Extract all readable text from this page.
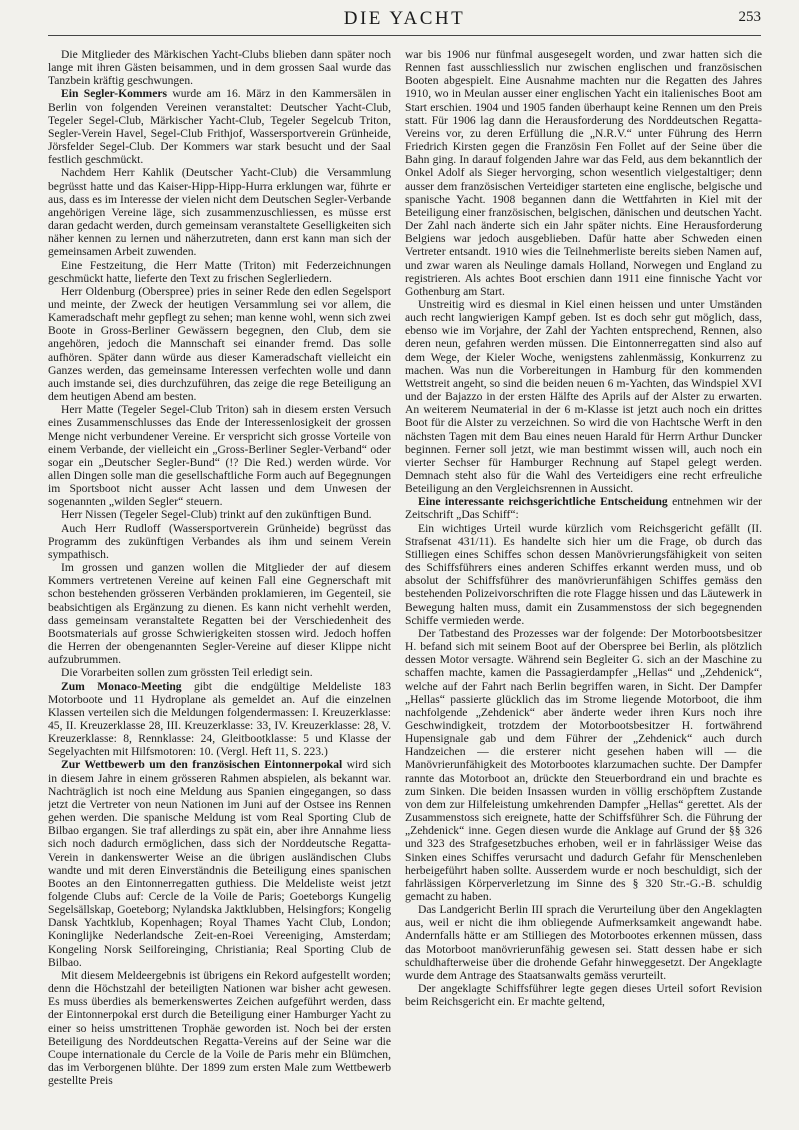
DIE YACHT	253

Die Mitglieder des Märkischen Yacht-Clubs blieben dann später noch lange mit ihren Gästen beisammen, und in dem grossen Saal wurde das Tanzbein kräftig geschwungen.

Ein Segler-Kommers wurde am 16. März in den Kammersälen in Berlin von folgenden Vereinen veranstaltet: Deutscher Yacht-Club, Tegeler Segel-Club, Märkischer Yacht-Club, Tegeler Segelcub Triton, Segler-Verein Havel, Segel-Club Frithjof, Wassersportverein Grünheide, Jörsfelder Segel-Club. Der Kommers war stark besucht und der Saal festlich geschmückt.

Nachdem Herr Kahlik (Deutscher Yacht-Club) die Versammlung begrüsst hatte und das Kaiser-Hipp-Hipp-Hurra erklungen war, führte er aus, dass es im Interesse der vielen nicht dem Deutschen Segler-Verbande angehörigen Vereine läge, sich zusammenzuschliessen, es müsse erst daran gedacht werden, durch gemeinsam veranstaltete Geselligkeiten sich näher kennen zu lernen und näherzutreten, dann erst kann man sich der gemeinsamen Arbeit zuwenden.

Eine Festzeitung, die Herr Matte (Triton) mit Federzeichnungen geschmückt hatte, lieferte den Text zu frischen Seglerliedern.

Herr Oldenburg (Oberspree) pries in seiner Rede den edlen Segelsport und meinte, der Zweck der heutigen Versammlung sei vor allem, die Kameradschaft mehr gepflegt zu sehen; man kenne wohl, wenn sich zwei Boote in Gross-Berliner Gewässern begegnen, den Club, dem sie angehören, jedoch die Mannschaft sei einander fremd. Das solle aufhören. Später dann würde aus dieser Kameradschaft vielleicht ein Ganzes werden, das gemeinsame Interessen verfechten wolle und dann auch imstande sei, dies durchzuführen, das zeige die rege Beteiligung an dem heutigen Abend am besten.

Herr Matte (Tegeler Segel-Club Triton) sah in diesem ersten Versuch eines Zusammenschlusses das Ende der Interessenlosigkeit der grossen Menge nicht verbundener Vereine. Er verspricht sich grosse Vorteile von einem Verbande, der vielleicht ein „Gross-Berliner Segler-Verband“ oder sogar ein „Deutscher Segler-Bund“ (!? Die Red.) werden würde. Vor allen Dingen solle man die gesellschaftliche Form auch auf Begegnungen im Sportsboot nicht ausser Acht lassen und dem Unwesen der sogenannten „wilden Segler“ steuern.

Herr Nissen (Tegeler Segel-Club) trinkt auf den zukünftigen Bund.

Auch Herr Rudloff (Wassersportverein Grünheide) begrüsst das Programm des zukünftigen Verbandes als ihm und seinem Verein sympathisch.

Im grossen und ganzen wollen die Mitglieder der auf diesem Kommers vertretenen Vereine auf keinen Fall eine Gegnerschaft mit schon bestehenden grösseren Verbänden proklamieren, im Gegenteil, sie beabsichtigen als Ergänzung zu dienen. Es kann nicht verhehlt werden, dass gemeinsam veranstaltete Regatten bei der Verschiedenheit des Bootsmaterials auf grosse Schwierigkeiten stossen wird. Jedoch hoffen die Herren der obengenannten Segler-Vereine auf dieser Klippe nicht aufzubrummen.

Die Vorarbeiten sollen zum grössten Teil erledigt sein.

Zum Monaco-Meeting gibt die endgültige Meldeliste 183 Motorboote und 11 Hydroplane als gemeldet an. Auf die einzelnen Klassen verteilen sich die Meldungen folgendermassen: I. Kreuzerklasse: 45, II. Kreuzerklasse 28, III. Kreuzerklasse: 33, IV. Kreuzerklasse: 28, V. Kreuzerklasse: 8, Rennklasse: 24, Gleitbootklasse: 5 und Klasse der Segelyachten mit Hilfsmotoren: 10. (Vergl. Heft 11, S. 223.)

Zur Wettbewerb um den französischen Eintonnerpokal wird sich in diesem Jahre in einem grösseren Rahmen abspielen, als bekannt war. Nachträglich ist noch eine Meldung aus Spanien eingegangen, so dass jetzt die Vertreter von neun Nationen im Juni auf der Ostsee ins Rennen gehen werden. Die spanische Meldung ist vom Real Sporting Club de Bilbao ergangen. Sie traf allerdings zu spät ein, aber ihre Annahme liess sich noch dadurch ermöglichen, dass sich der Norddeutsche Regatta-Verein in dankenswerter Weise an die übrigen ausländischen Clubs wandte und mit deren Einverständnis die Beteiligung eines spanischen Bootes an den Eintonnerregatten guthiess. Die Meldeliste weist jetzt folgende Clubs auf: Cercle de la Voile de Paris; Goeteborgs Kungelig Segelsällskap, Goeteborg; Nylandska Jaktklubben, Helsingfors; Kongelig Dansk Yachtklub, Kopenhagen; Royal Thames Yacht Club, London; Koninglijke Nederlandsche Zeit-en-Roei Vereeniging, Amsterdam; Kongeling Norsk Seilforeinging, Christiania; Real Sporting Club de Bilbao.

Mit diesem Meldeergebnis ist übrigens ein Rekord aufgestellt worden; denn die Höchstzahl der beteiligten Nationen war bisher acht gewesen. Es muss überdies als bemerkenswertes Zeichen aufgeführt werden, dass der Eintonnerpokal erst durch die Beteiligung einer Hamburger Yacht zu einer so heiss umstrittenen Trophäe geworden ist. Noch bei der ersten Beteiligung des Norddeutschen Regatta-Vereins auf der Seine war die Coupe internationale du Cercle de la Voile de Paris mehr ein Blümchen, das im Verborgenen blühte. Der 1899 zum ersten Male zum Wettbewerb gestellte Preis

war bis 1906 nur fünfmal ausgesegelt worden, und zwar hatten sich die Rennen fast ausschliesslich nur zwischen englischen und französischen Booten abgespielt. Eine Ausnahme machten nur die Regatten des Jahres 1910, wo in Meulan ausser einer englischen Yacht ein italienisches Boot am Start erschien. 1904 und 1905 fanden überhaupt keine Rennen um den Preis statt. Für 1906 lag dann die Herausforderung des Norddeutschen Regatta-Vereins vor, zu deren Erfüllung die „N.R.V.“ unter Führung des Herrn Friedrich Kirsten gegen die Französin Fen Follet auf der Seine über die Bahn ging. In darauf folgenden Jahre war das Feld, aus dem bekanntlich der Onkel Adolf als Sieger hervorging, schon wesentlich vielgestaltiger; denn ausser dem französischen Verteidiger starteten eine englische, belgische und spanische Yacht. 1908 begannen dann die Wettfahrten in Kiel mit der Beteiligung einer französischen, belgischen, dänischen und deutschen Yacht. Der Zahl nach änderte sich ein Jahr später nichts. Eine Herausforderung Belgiens war jedoch ausgeblieben. Dafür hatte aber Schweden einen Vertreter entsandt. 1910 wies die Teilnehmerliste bereits sieben Namen auf, und zwar waren als Neulinge damals Holland, Norwegen und England zu registrieren. Als achtes Boot erschien dann 1911 eine finnische Yacht vor Gothenburg am Start.

Unstreitig wird es diesmal in Kiel einen heissen und unter Umständen auch recht langwierigen Kampf geben. Ist es doch sehr gut möglich, dass, ebenso wie im Vorjahre, der Zahl der Yachten entsprechend, Rennen, also deren neun, gefahren werden müssen. Die Eintonnerregatten sind also auf dem Wege, der Kieler Woche, wenigstens zahlenmässig, Konkurrenz zu machen. Was nun die Vorbereitungen in Hamburg für den kommenden Wettstreit angeht, so sind die beiden neuen 6 m-Yachten, das Windspiel XVI und der Bajazzo in der ersten Hälfte des Aprils auf der Alster zu erwarten. An weiterem Neumaterial in der 6 m-Klasse ist jetzt auch noch ein drittes Boot für die Alster zu verzeichnen. So wird die von Hachtsche Werft in den nächsten Tagen mit dem Bau eines neuen Harald für Herrn Arthur Duncker beginnen. Ferner soll jetzt, wie man bestimmt wissen will, auch noch ein vierter Sechser für Hamburger Rechnung auf Stapel gelegt werden. Demnach steht also für die Wahl des Verteidigers eine recht erfreuliche Beteiligung an den Vergleichsrennen in Aussicht.

Eine interessante reichsgerichtliche Entscheidung entnehmen wir der Zeitschrift „Das Schiff“:

Ein wichtiges Urteil wurde kürzlich vom Reichsgericht gefällt (II. Strafsenat 431/11). Es handelte sich hier um die Frage, ob durch das Stilliegen eines Schiffes schon dessen Manövrierungsfähigkeit von seiten des Schiffsführers eines anderen Schiffes erkannt werden muss, und ob absolut der Schiffsführer des manövrierunfähigen Schiffes gemäss den bestehenden Polizeivorschriften die rote Flagge hissen und das Läutewerk in Bewegung halten muss, damit ein Zusammenstoss der sich begegnenden Schiffe vermieden werde.

Der Tatbestand des Prozesses war der folgende: Der Motorbootsbesitzer H. befand sich mit seinem Boot auf der Oberspree bei Berlin, als plötzlich dessen Motor versagte. Während sein Begleiter G. sich an der Maschine zu schaffen machte, kamen die Passagierdampfer „Hellas“ und „Zehdenick“, welche auf der Fahrt nach Berlin begriffen waren, in Sicht. Der Dampfer „Hellas“ passierte glücklich das im Strome liegende Motorboot, die ihm nachfolgende „Zehdenick“ aber änderte weder ihren Kurs noch ihre Geschwindigkeit, trotzdem der Motorbootsbesitzer H. fortwährend Hupensignale gab und dem Führer der „Zehdenick“ auch durch Handzeichen — die ersterer nicht gesehen haben will — die Manövrierunfähigkeit des Motorbootes klarzumachen suchte. Der Dampfer rannte das Motorboot an, drückte den Steuerbordrand ein und brachte es zum Sinken. Die beiden Insassen wurden in völlig erschöpftem Zustande von dem zur Hilfeleistung umkehrenden Dampfer „Hellas“ gerettet. Als der Zusammenstoss sich ereignete, hatte der Schiffsführer Sch. die Führung der „Zehdenick“ inne. Gegen diesen wurde die Anklage auf Grund der §§ 326 und 323 des Strafgesetzbuches erhoben, weil er in fahrlässiger Weise das Sinken eines Schiffes verursacht und dadurch Gefahr für Menschenleben herbeigeführt haben sollte. Ausserdem wurde er noch beschuldigt, sich der fahrlässigen Körperverletzung im Sinne des § 320 Str.-G.-B. schuldig gemacht zu haben.

Das Landgericht Berlin III sprach die Verurteilung über den Angeklagten aus, weil er nicht die ihm obliegende Aufmerksamkeit angewandt habe. Andernfalls hätte er am Stilliegen des Motorbootes erkennen müssen, dass das Motorboot manövrierunfähig gewesen sei. Statt dessen habe er sich schuldhafterweise über die drohende Gefahr hinweggesetzt. Der Angeklagte wurde dem Antrage des Staatsanwalts gemäss verurteilt.

Der angeklagte Schiffsführer legte gegen dieses Urteil sofort Revision beim Reichsgericht ein. Er machte geltend,
